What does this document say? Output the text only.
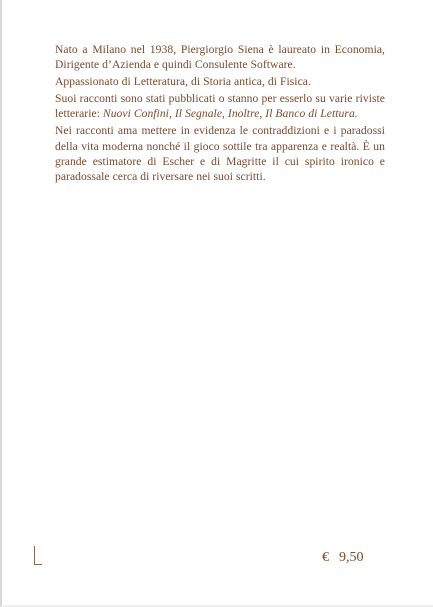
Nato a Milano nel 1938, Piergiorgio Siena è laureato in Economia, Dirigente d’Azienda e quindi Consulente Software.

Appassionato di Letteratura, di Storia antica, di Fisica.

Suoi racconti sono stati pubblicati o stanno per esserlo su varie riviste letterarie: Nuovi Confini, Il Segnale, Inoltre, Il Banco di Lettura.

Nei racconti ama mettere in evidenza le contraddizioni e i paradossi della vita moderna nonché il gioco sottile tra apparenza e realtà. È un grande estimatore di Escher e di Magritte il cui spirito ironico e paradossale cerca di riversare nei suoi scritti.

€ 9,50
